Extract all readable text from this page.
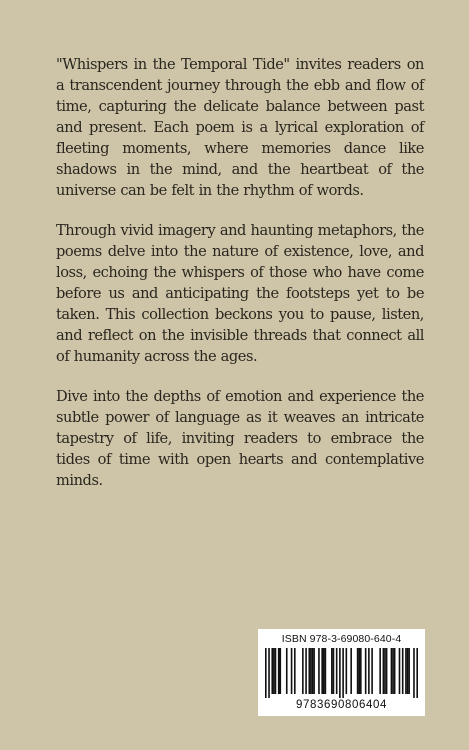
"Whispers in the Temporal Tide" invites readers on a transcendent journey through the ebb and flow of time, capturing the delicate balance between past and present. Each poem is a lyrical exploration of fleeting moments, where memories dance like shadows in the mind, and the heartbeat of the universe can be felt in the rhythm of words.

Through vivid imagery and haunting metaphors, the poems delve into the nature of existence, love, and loss, echoing the whispers of those who have come before us and anticipating the footsteps yet to be taken. This collection beckons you to pause, listen, and reflect on the invisible threads that connect all of humanity across the ages.

Dive into the depths of emotion and experience the subtle power of language as it weaves an intricate tapestry of life, inviting readers to embrace the tides of time with open hearts and contemplative minds.

ISBN 978-3-69080-640-4
9783690806404
